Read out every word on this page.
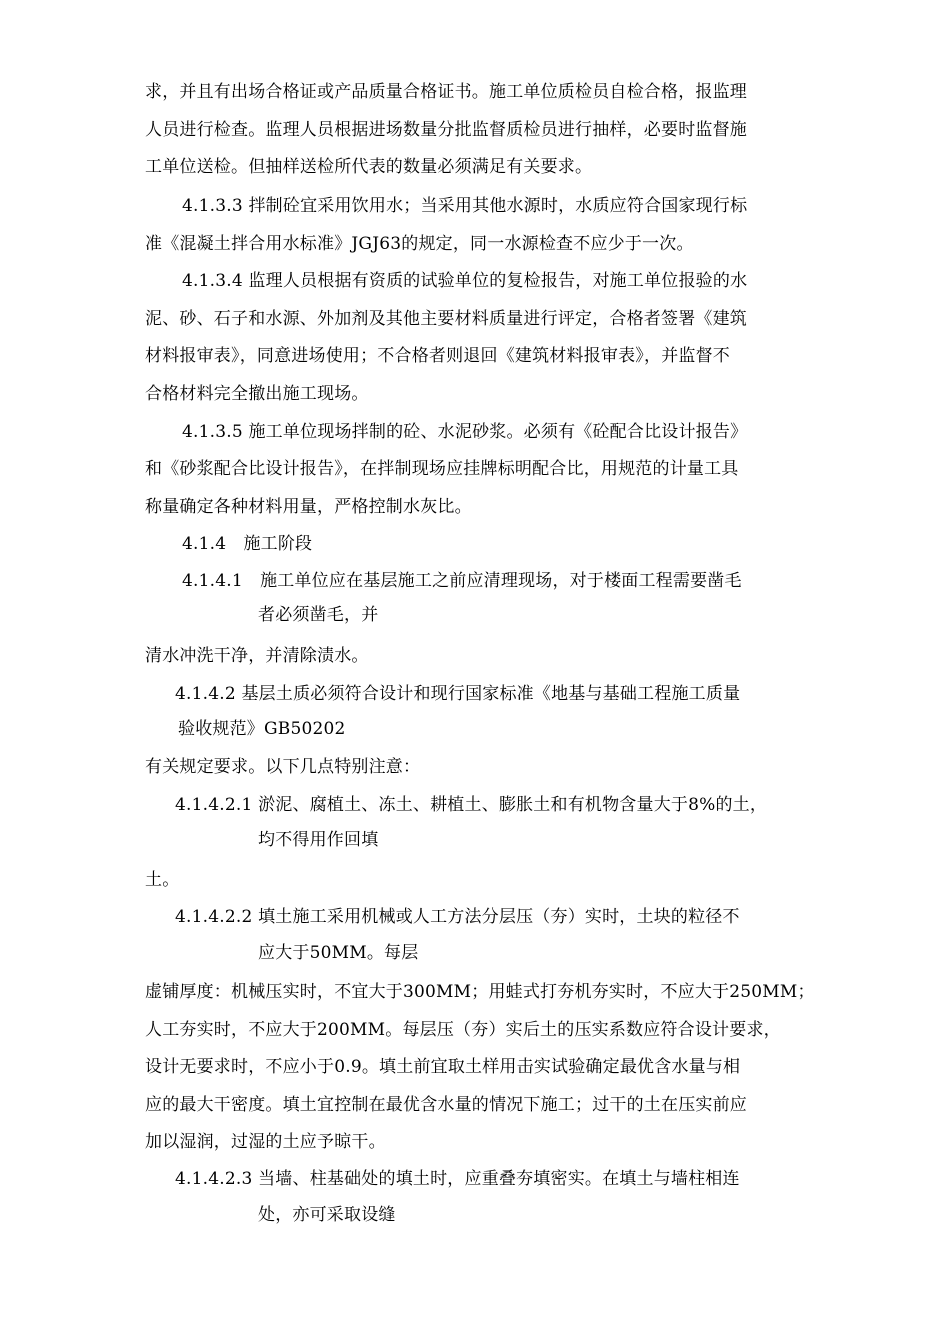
求，并且有出场合格证或产品质量合格证书。施工单位质检员自检合格，报监理
人员进行检查。监理人员根据进场数量分批监督质检员进行抽样，必要时监督施
工单位送检。但抽样送检所代表的数量必须满足有关要求。
4.1.3.3 拌制砼宜采用饮用水；当采用其他水源时，水质应符合国家现行标
准《混凝土拌合用水标准》JGJ63的规定，同一水源检查不应少于一次。
4.1.3.4 监理人员根据有资质的试验单位的复检报告，对施工单位报验的水
泥、砂、石子和水源、外加剂及其他主要材料质量进行评定，合格者签署《建筑
材料报审表》，同意进场使用；不合格者则退回《建筑材料报审表》，并监督不
合格材料完全撤出施工现场。
4.1.3.5 施工单位现场拌制的砼、水泥砂浆。必须有《砼配合比设计报告》
和《砂浆配合比设计报告》，在拌制现场应挂牌标明配合比，用规范的计量工具
称量确定各种材料用量，严格控制水灰比。
4.1.4　施工阶段
4.1.4.1　施工单位应在基层施工之前应清理现场，对于楼面工程需要凿毛
者必须凿毛，并
清水冲洗干净，并清除渍水。
4.1.4.2 基层土质必须符合设计和现行国家标准《地基与基础工程施工质量
验收规范》GB50202
有关规定要求。以下几点特别注意：
4.1.4.2.1 淤泥、腐植土、冻土、耕植土、膨胀土和有机物含量大于8%的土，
均不得用作回填
土。
4.1.4.2.2 填土施工采用机械或人工方法分层压（夯）实时，土块的粒径不
应大于50MM。每层
虚铺厚度：机械压实时，不宜大于300MM；用蛙式打夯机夯实时，不应大于250MM；
人工夯实时，不应大于200MM。每层压（夯）实后土的压实系数应符合设计要求，
设计无要求时，不应小于0.9。填土前宜取土样用击实试验确定最优含水量与相
应的最大干密度。填土宜控制在最优含水量的情况下施工；过干的土在压实前应
加以湿润，过湿的土应予晾干。
4.1.4.2.3 当墙、柱基础处的填土时，应重叠夯填密实。在填土与墙柱相连
处，亦可采取设缝
